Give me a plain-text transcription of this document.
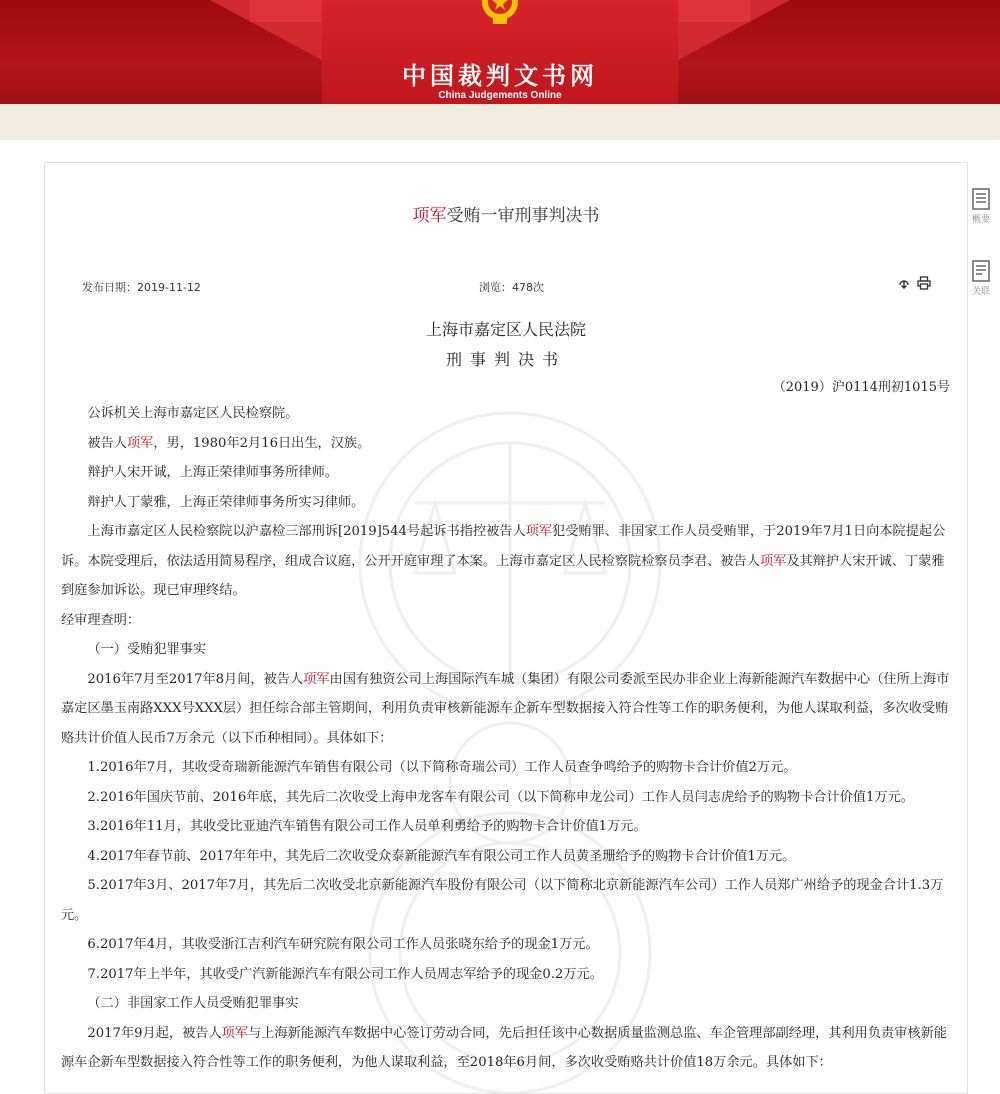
中国裁判文书网
China Judgements Online
概要
关联
项军受贿一审刑事判决书
发布日期：2019-11-12	浏览：478次
上海市嘉定区人民法院
刑事判决书
（2019）沪0114刑初1015号

公诉机关上海市嘉定区人民检察院。

被告人项军，男，1980年2月16日出生，汉族。

辩护人宋开诚，上海正荣律师事务所律师。

辩护人丁蒙雅，上海正荣律师事务所实习律师。

上海市嘉定区人民检察院以沪嘉检三部刑诉[2019]544号起诉书指控被告人项军犯受贿罪、非国家工作人员受贿罪，于2019年7月1日向本院提起公诉。本院受理后，依法适用简易程序，组成合议庭，公开开庭审理了本案。上海市嘉定区人民检察院检察员李君、被告人项军及其辩护人宋开诚、丁蒙雅到庭参加诉讼。现已审理终结。

经审理查明：

（一）受贿犯罪事实

2016年7月至2017年8月间，被告人项军由国有独资公司上海国际汽车城（集团）有限公司委派至民办非企业上海新能源汽车数据中心（住所上海市嘉定区墨玉南路XXX号XXX层）担任综合部主管期间，利用负责审核新能源车企新车型数据接入符合性等工作的职务便利，为他人谋取利益，多次收受贿赂共计价值人民币7万余元（以下币种相同）。具体如下：

1.2016年7月，其收受奇瑞新能源汽车销售有限公司（以下简称奇瑞公司）工作人员查争鸣给予的购物卡合计价值2万元。

2.2016年国庆节前、2016年底，其先后二次收受上海申龙客车有限公司（以下简称申龙公司）工作人员闫志虎给予的购物卡合计价值1万元。

3.2016年11月，其收受比亚迪汽车销售有限公司工作人员单利勇给予的购物卡合计价值1万元。

4.2017年春节前、2017年年中，其先后二次收受众泰新能源汽车有限公司工作人员黄圣珊给予的购物卡合计价值1万元。

5.2017年3月、2017年7月，其先后二次收受北京新能源汽车股份有限公司（以下简称北京新能源汽车公司）工作人员郑广州给予的现金合计1.3万元。

6.2017年4月，其收受浙江吉利汽车研究院有限公司工作人员张晓东给予的现金1万元。

7.2017年上半年，其收受广汽新能源汽车有限公司工作人员周志军给予的现金0.2万元。

（二）非国家工作人员受贿犯罪事实

2017年9月起，被告人项军与上海新能源汽车数据中心签订劳动合同，先后担任该中心数据质量监测总监、车企管理部副经理，其利用负责审核新能源车企新车型数据接入符合性等工作的职务便利，为他人谋取利益，至2018年6月间，多次收受贿赂共计价值18万余元。具体如下：
